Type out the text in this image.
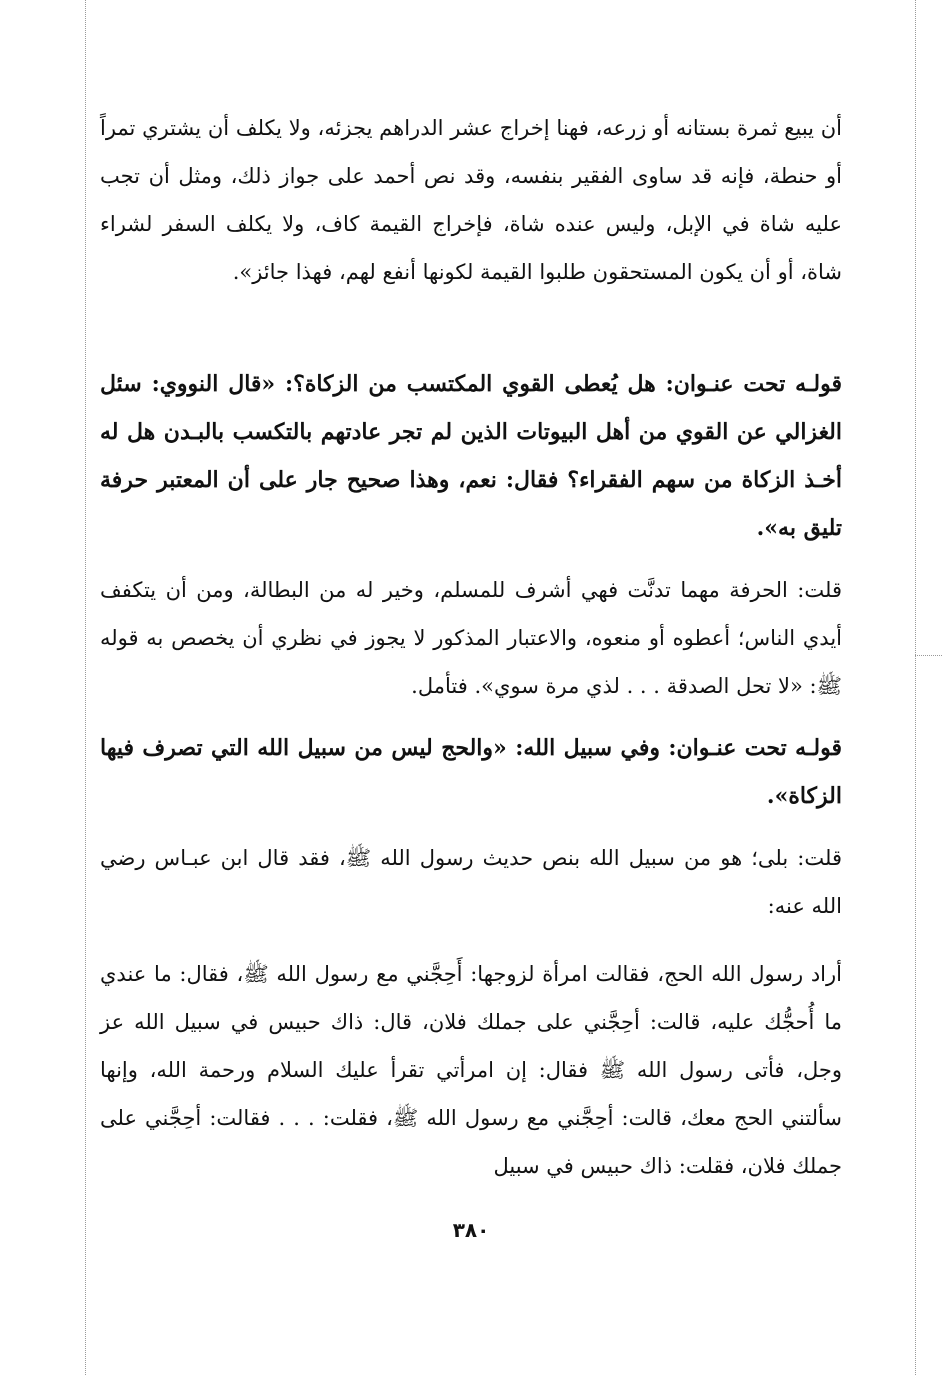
أن يبيع ثمرة بستانه أو زرعه، فهنا إخراج عشر الدراهم يجزئه، ولا يكلف أن يشتري تمراً أو حنطة، فإنه قد ساوى الفقير بنفسه، وقد نص أحمد على جواز ذلك، ومثل أن تجب عليه شاة في الإبل، وليس عنده شاة، فإخراج القيمة كاف، ولا يكلف السفر لشراء شاة، أو أن يكون المستحقون طلبوا القيمة لكونها أنفع لهم، فهذا جائز».

قولـه تحت عنـوان: هل يُعطى القوي المكتسب من الزكاة؟: «قال النووي: سئل الغزالي عن القوي من أهل البيوتات الذين لم تجر عادتهم بالتكسب بالبـدن هل له أخـذ الزكاة من سهم الفقراء؟ فقال: نعم، وهذا صحيح جار على أن المعتبر حرفة تليق به».

قلت: الحرفة مهما تدنَّت فهي أشرف للمسلم، وخير له من البطالة، ومن أن يتكفف أيدي الناس؛ أعطوه أو منعوه، والاعتبار المذكور لا يجوز في نظري أن يخصص به قوله ﷺ: «لا تحل الصدقة . . . لذي مرة سوي». فتأمل.

قولـه تحت عنـوان: وفي سبيل الله: «والحج ليس من سبيل الله التي تصرف فيها الزكاة».

قلت: بلى؛ هو من سبيل الله بنص حديث رسول الله ﷺ، فقد قال ابن عبـاس رضي الله عنه:

أراد رسول الله الحج، فقالت امرأة لزوجها: أَحِجَّني مع رسول الله ﷺ، فقال: ما عندي ما أُحجُّك عليه، قالت: أحِجَّني على جملك فلان، قال: ذاك حبيس في سبيل الله عز وجل، فأتى رسول الله ﷺ فقال: إن امرأتي تقرأ عليك السلام ورحمة الله، وإنها سألتني الحج معك، قالت: أحِجَّني مع رسول الله ﷺ، فقلت: . . . فقالت: أحِجَّني على جملك فلان، فقلت: ذاك حبيس في سبيل

٣٨٠
